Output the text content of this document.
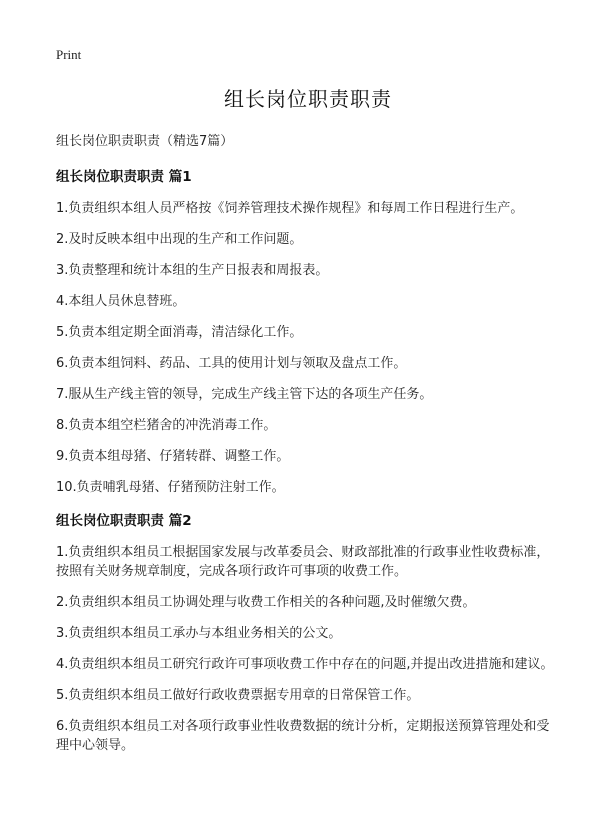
Print
组长岗位职责职责

组长岗位职责职责（精选7篇）

组长岗位职责职责 篇1

1.负责组织本组人员严格按《饲养管理技术操作规程》和每周工作日程进行生产。

2.及时反映本组中出现的生产和工作问题。

3.负责整理和统计本组的生产日报表和周报表。

4.本组人员休息替班。

5.负责本组定期全面消毒，清洁绿化工作。

6.负责本组饲料、药品、工具的使用计划与领取及盘点工作。

7.服从生产线主管的领导，完成生产线主管下达的各项生产任务。

8.负责本组空栏猪舍的冲洗消毒工作。

9.负责本组母猪、仔猪转群、调整工作。

10.负责哺乳母猪、仔猪预防注射工作。

组长岗位职责职责 篇2

1.负责组织本组员工根据国家发展与改革委员会、财政部批准的行政事业性收费标准，按照有关财务规章制度，完成各项行政许可事项的收费工作。

2.负责组织本组员工协调处理与收费工作相关的各种问题,及时催缴欠费。

3.负责组织本组员工承办与本组业务相关的公文。

4.负责组织本组员工研究行政许可事项收费工作中存在的问题,并提出改进措施和建议。

5.负责组织本组员工做好行政收费票据专用章的日常保管工作。

6.负责组织本组员工对各项行政事业性收费数据的统计分析，定期报送预算管理处和受理中心领导。
